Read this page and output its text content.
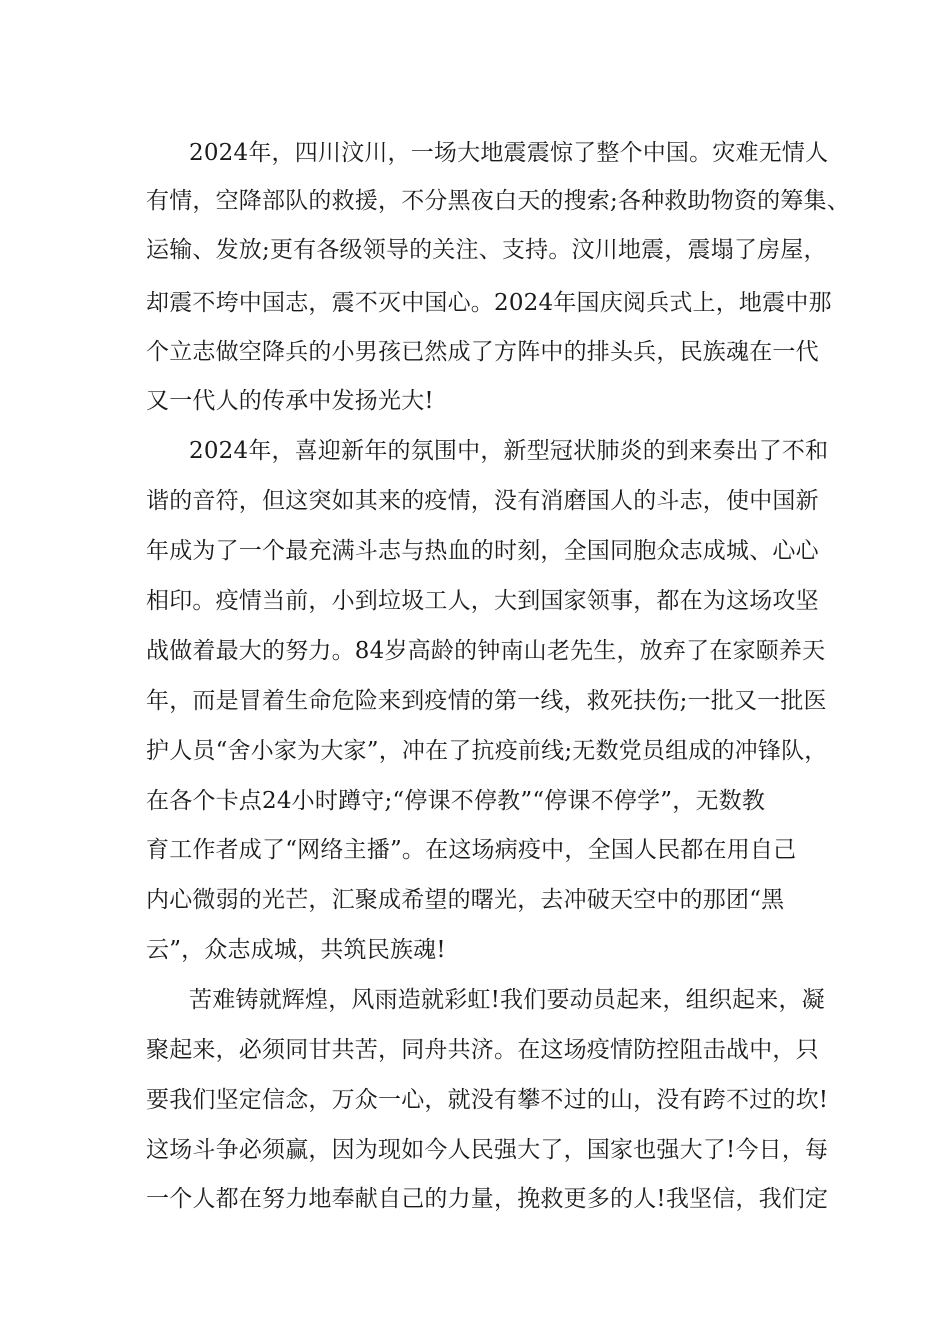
2024年，四川汶川，一场大地震震惊了整个中国。灾难无情人
有情，空降部队的救援，不分黑夜白天的搜索;各种救助物资的筹集、
运输、发放;更有各级领导的关注、支持。汶川地震，震塌了房屋，
却震不垮中国志，震不灭中国心。2024年国庆阅兵式上，地震中那
个立志做空降兵的小男孩已然成了方阵中的排头兵，民族魂在一代
又一代人的传承中发扬光大!
2024年，喜迎新年的氛围中，新型冠状肺炎的到来奏出了不和
谐的音符，但这突如其来的疫情，没有消磨国人的斗志，使中国新
年成为了一个最充满斗志与热血的时刻，全国同胞众志成城、心心
相印。疫情当前，小到垃圾工人，大到国家领事，都在为这场攻坚
战做着最大的努力。84岁高龄的钟南山老先生，放弃了在家颐养天
年，而是冒着生命危险来到疫情的第一线，救死扶伤;一批又一批医
护人员“舍小家为大家”，冲在了抗疫前线;无数党员组成的冲锋队，
在各个卡点24小时蹲守;“停课不停教”“停课不停学”，无数教
育工作者成了“网络主播”。在这场病疫中，全国人民都在用自己
内心微弱的光芒，汇聚成希望的曙光，去冲破天空中的那团“黑
云”，众志成城，共筑民族魂!
苦难铸就辉煌，风雨造就彩虹!我们要动员起来，组织起来，凝
聚起来，必须同甘共苦，同舟共济。在这场疫情防控阻击战中，只
要我们坚定信念，万众一心，就没有攀不过的山，没有跨不过的坎!
这场斗争必须赢，因为现如今人民强大了，国家也强大了!今日，每
一个人都在努力地奉献自己的力量，挽救更多的人!我坚信，我们定
